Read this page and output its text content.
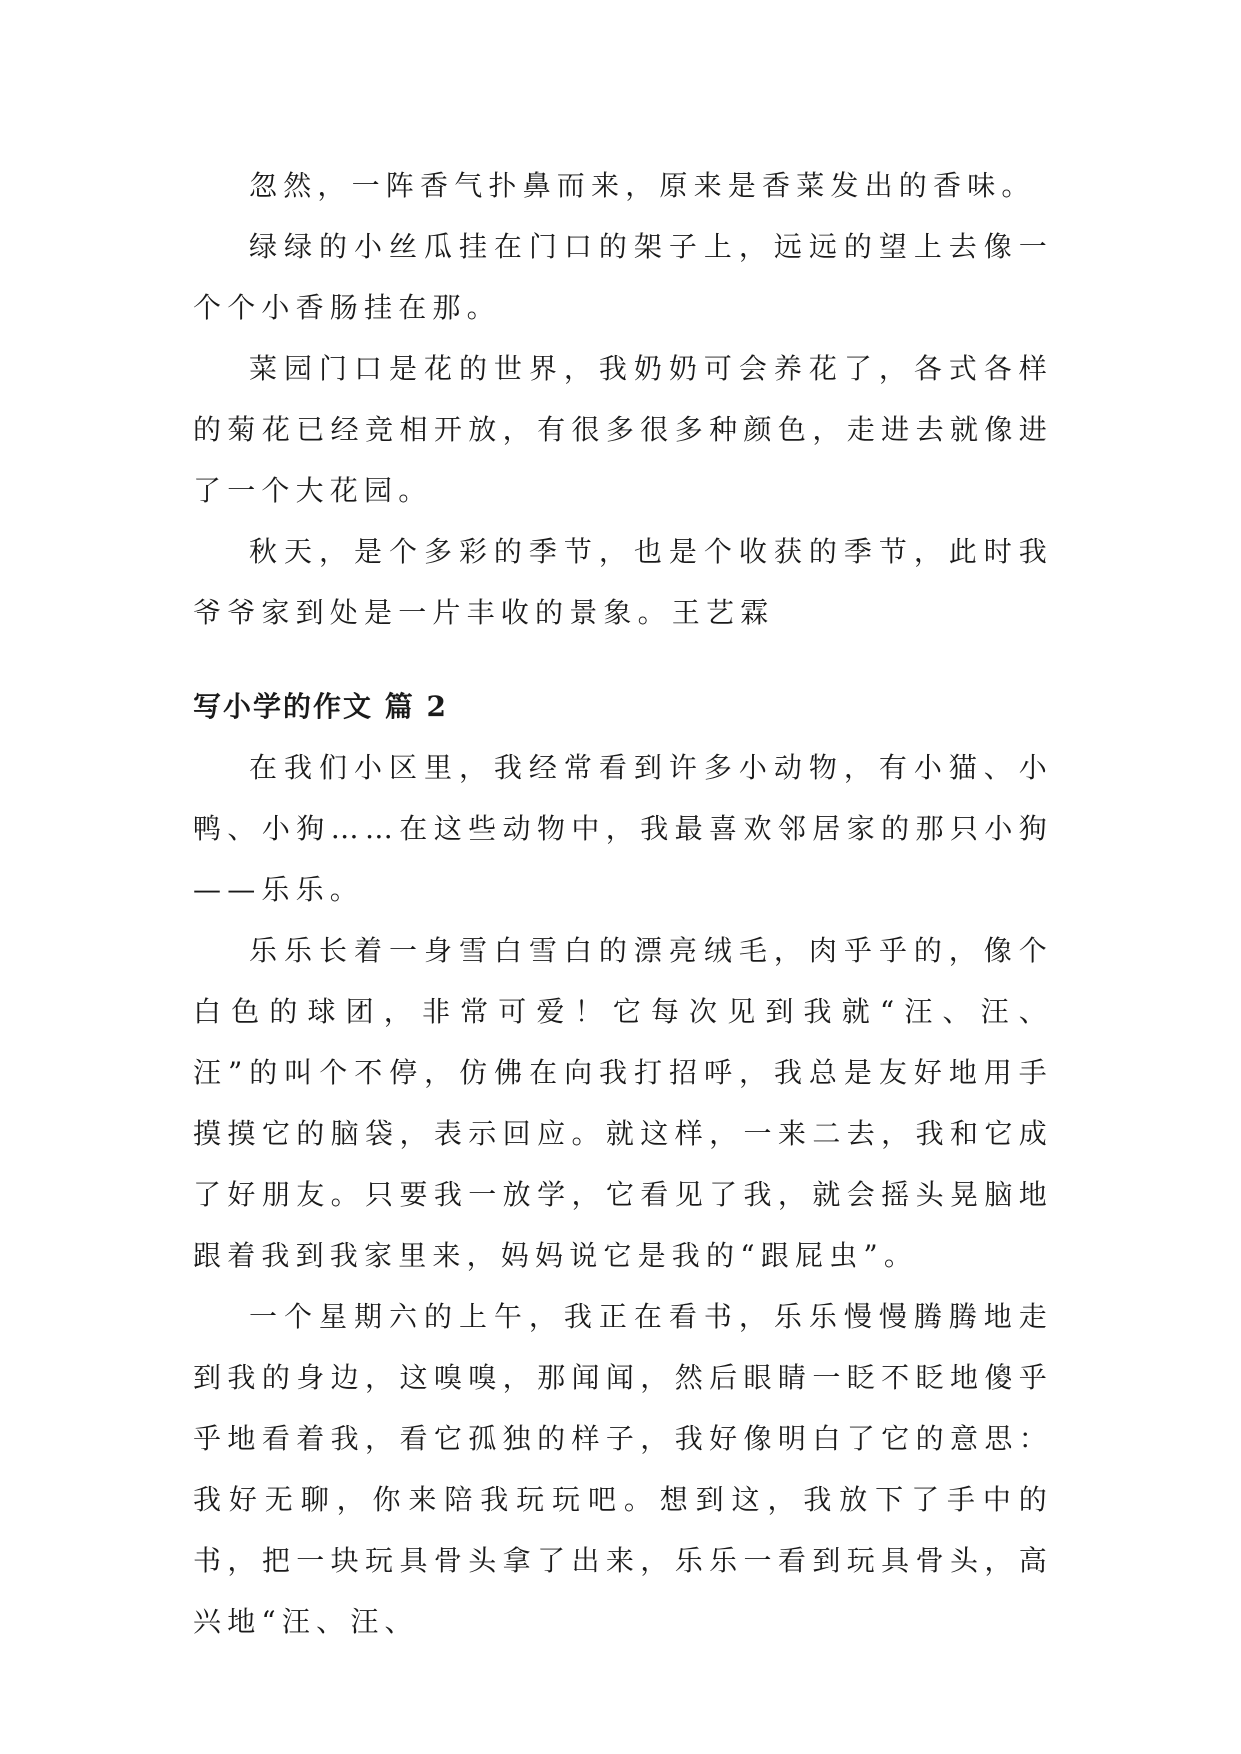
忽然，一阵香气扑鼻而来，原来是香菜发出的香味。

绿绿的小丝瓜挂在门口的架子上，远远的望上去像一个个小香肠挂在那。

菜园门口是花的世界，我奶奶可会养花了，各式各样的菊花已经竞相开放，有很多很多种颜色，走进去就像进了一个大花园。

秋天，是个多彩的季节，也是个收获的季节，此时我爷爷家到处是一片丰收的景象。王艺霖

写小学的作文 篇 2

在我们小区里，我经常看到许多小动物，有小猫、小鸭、小狗……在这些动物中，我最喜欢邻居家的那只小狗——乐乐。

乐乐长着一身雪白雪白的漂亮绒毛，肉乎乎的，像个白色的球团，非常可爱！它每次见到我就“汪、汪、汪”的叫个不停，仿佛在向我打招呼，我总是友好地用手摸摸它的脑袋，表示回应。就这样，一来二去，我和它成了好朋友。只要我一放学，它看见了我，就会摇头晃脑地跟着我到我家里来，妈妈说它是我的“跟屁虫”。

一个星期六的上午，我正在看书，乐乐慢慢腾腾地走到我的身边，这嗅嗅，那闻闻，然后眼睛一眨不眨地傻乎乎地看着我，看它孤独的样子，我好像明白了它的意思：我好无聊，你来陪我玩玩吧。想到这，我放下了手中的书，把一块玩具骨头拿了出来，乐乐一看到玩具骨头，高兴地“汪、汪、
